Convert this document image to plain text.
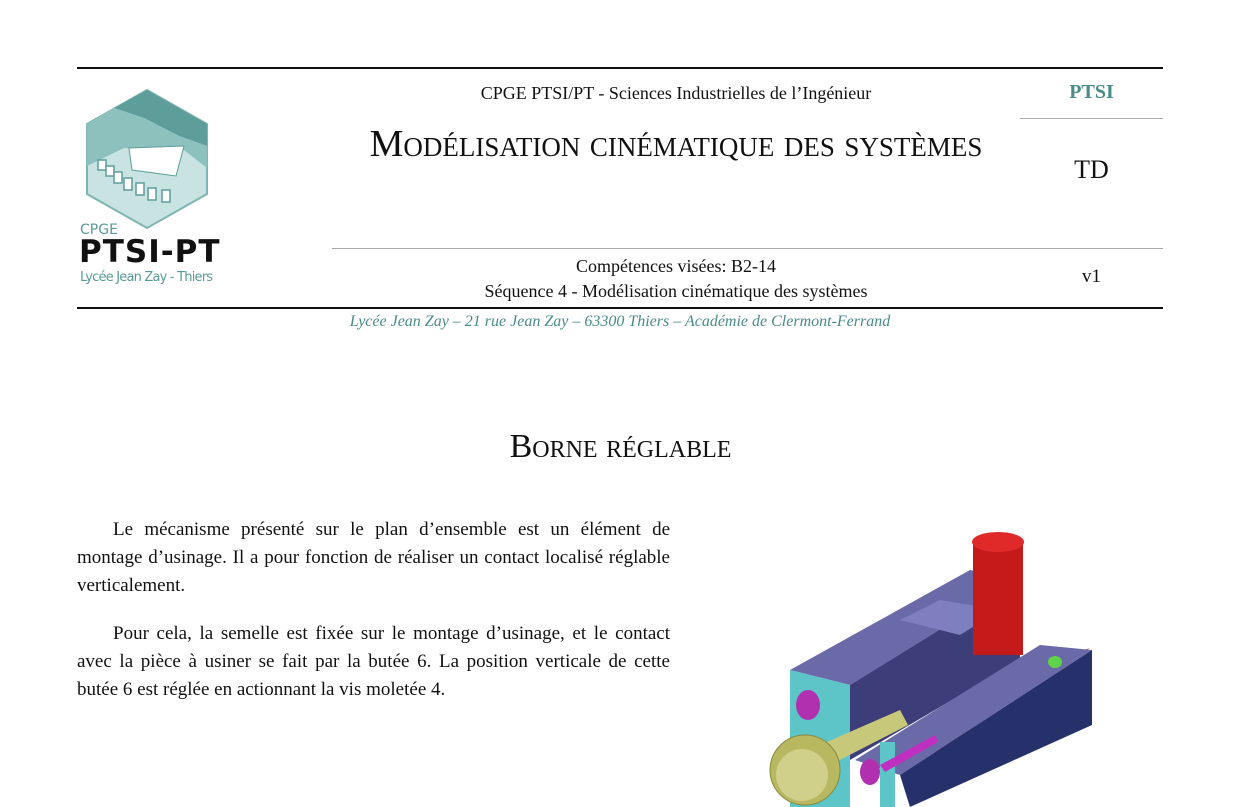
CPGE
PTSI-PT
Lycée Jean Zay - Thiers
CPGE PTSI/PT - Sciences Industrielles de l’Ingénieur
Modélisation cinématique des systèmes
PTSI
TD
Compétences visées: B2-14
Séquence 4 - Modélisation cinématique des systèmes
v1
Lycée Jean Zay – 21 rue Jean Zay – 63300 Thiers – Académie de Clermont-Ferrand
Borne réglable

Le mécanisme présenté sur le plan d’ensemble est un élément de montage d’usinage. Il a pour fonction de réaliser un contact localisé réglable verticalement.

Pour cela, la semelle est fixée sur le montage d’usinage, et le contact avec la pièce à usiner se fait par la butée 6. La position verticale de cette butée 6 est réglée en actionnant la vis moletée 4.
